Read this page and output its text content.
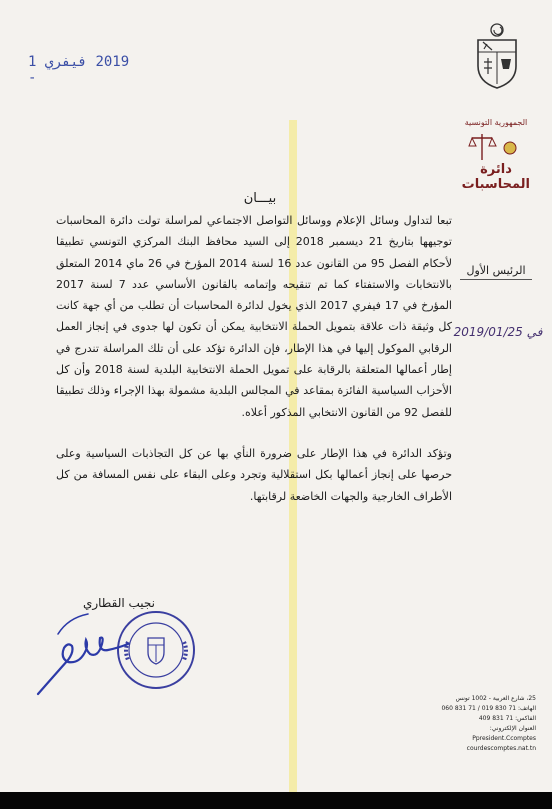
2019 فيفري 1 -
الجمهورية التونسية
دائرة المحاسبات
الرئيس الأول
في 2019/01/25
بيـــان

تبعا لتداول وسائل الإعلام ووسائل التواصل الاجتماعي لمراسلة تولت دائرة المحاسبات توجيهها بتاريخ 21 ديسمبر 2018 إلى السيد محافظ البنك المركزي التونسي تطبيقا لأحكام الفصل 95 من القانون عدد 16 لسنة 2014 المؤرخ في 26 ماي 2014 المتعلق بالانتخابات والاستفتاء كما تم تنقيحه وإتمامه بالقانون الأساسي عدد 7 لسنة 2017 المؤرخ في 17 فيفري 2017 الذي يخول لدائرة المحاسبات أن تطلب من أي جهة كانت كل وثيقة ذات علاقة بتمويل الحملة الانتخابية يمكن أن تكون لها جدوى في إنجاز العمل الرقابي الموكول إليها في هذا الإطار، فإن الدائرة تؤكد على أن تلك المراسلة تندرج في إطار أعمالها المتعلقة بالرقابة على تمويل الحملة الانتخابية البلدية لسنة 2018 وأن كل الأحزاب السياسية الفائزة بمقاعد في المجالس البلدية مشمولة بهذا الإجراء وذلك تطبيقا للفصل 92 من القانون الانتخابي المذكور أعلاه.

وتؤكد الدائرة في هذا الإطار على ضرورة النأي بها عن كل التجاذبات السياسية وعلى حرصها على إنجاز أعمالها بكل استقلالية وتجرد وعلى البقاء على نفس المسافة من كل الأطراف الخارجية والجهات الخاضعة لرقابتها.

نجيب القطاري
25، شارع العربية - 1002 تونس
الهاتف: 71 830 019 / 71 831 060
الفاكس: 71 831 409
العنوان الإلكتروني:
Ppresident.Ccomptes
courdescomptes.nat.tn
